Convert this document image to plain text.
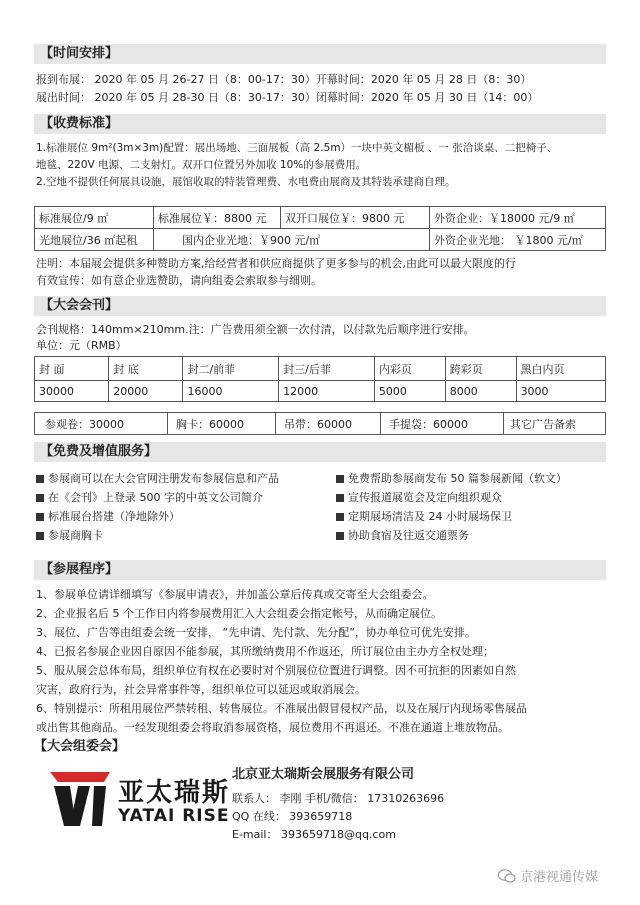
【时间安排】
报到布展： 2020 年 05 月 26-27 日（8：00-17：30）开幕时间：2020 年 05 月 28 日（8：30）
展出时间： 2020 年 05 月 28-30 日（8：30-17：30）闭幕时间：2020 年 05 月 30 日（14：00）
【收费标准】
1.标准展位 9m²(3m×3m)配置：展出场地、三面展板（高 2.5m）一块中英文楣板 、一 张洽谈桌、二把椅子、
地毯、220V 电源、二支射灯。双开口位置另外加收 10%的参展费用。
2.空地不提供任何展具设施，展馆收取的特装管理费、水电费由展商及其特装承建商自理。
标准展位/9 ㎡	标准展位￥：8800 元	双开口展位￥：9800 元	外资企业：￥18000 元/9 ㎡
光地展位/36 ㎡起租	国内企业光地：￥900 元/㎡		外资企业光地： ￥1800 元/㎡
注明：本届展会提供多种赞助方案,给经营者和供应商提供了更多参与的机会,由此可以最大限度的行
有效宣传：如有意企业选赞助，请向组委会索取参与细则。
【大会会刊】
会刊规格：140mm×210mm.注：广告费用须全额一次付清，以付款先后顺序进行安排。
单位：元（RMB）
封 面	封 底	封二/前菲	封三/后菲	内彩页	跨彩页	黑白内页
30000	20000	16000	12000	5000	8000	3000
参观卷：30000	胸卡：60000	吊带：60000	手提袋：60000	其它广告备索
【免费及增值服务】
参展商可以在大会官网注册发布参展信息和产品
在《会刊》上登录 500 字的中英文公司简介
标准展台搭建（净地除外）
参展商胸卡
免费帮助参展商发布 50 篇参展新闻（软文）
宣传报道展览会及定向组织观众
定期展场清洁及 24 小时展场保卫
协助食宿及往返交通票务
【参展程序】
1、参展单位请详细填写《参展申请表》，并加盖公章后传真或交寄至大会组委会。
2、企业报名后 5 个工作日内将参展费用汇入大会组委会指定帐号，从而确定展位。
3、展位、广告等由组委会统一安排， “先申请、先付款、先分配”，协办单位可优先安排。
4、已报名参展企业因自原因不能参展，其所缴纳费用不作返还，所订展位由主办方全权处理；
5、服从展会总体布局，组织单位有权在必要时对个别展位位置进行调整。因不可抗拒的因素如自然
灾害，政府行为，社会异常事件等，组织单位可以延迟或取消展会。
6、特别提示：所租用展位严禁转租、转售展位。不准展出假冒侵权产品，以及在展厅内现场零售展品
或出售其他商品。一经发现组委会将取消参展资格，展位费用不再退还。不准在通道上堆放物品。
【大会组委会】
亚太瑞斯
YATAI RISE
北京亚太瑞斯会展服务有限公司
联系人： 李刚 手机/微信： 17310263696
QQ 在线： 393659718
E-mail： 393659718@qq.com
京港视通传媒
